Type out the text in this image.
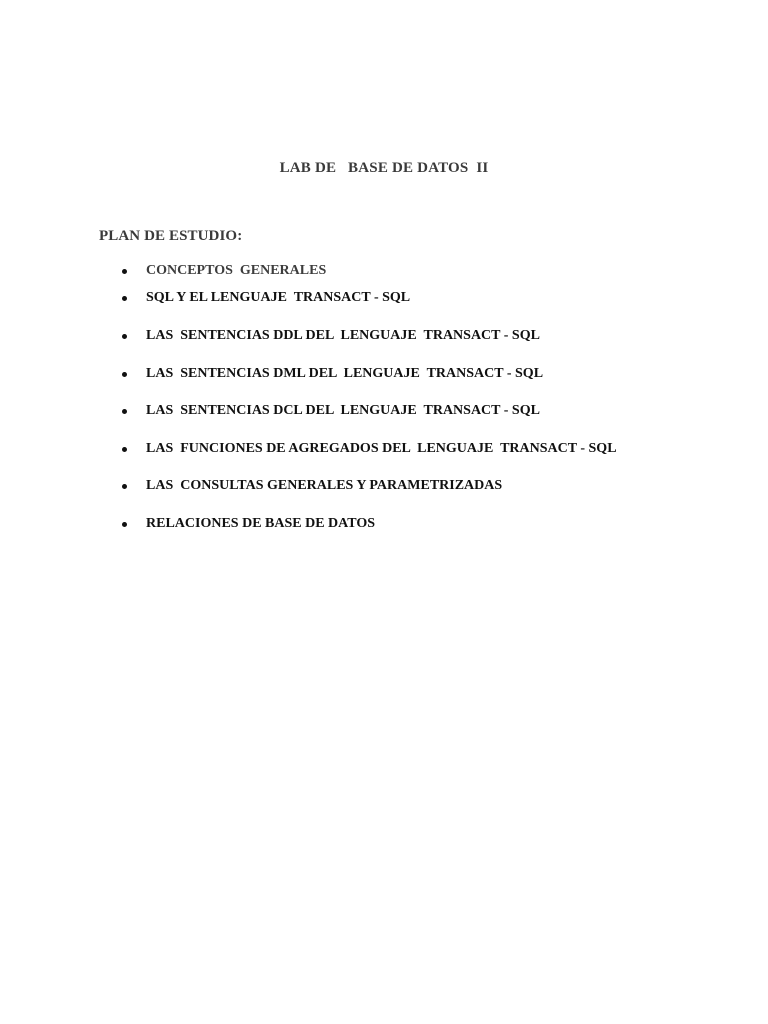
LAB DE   BASE DE DATOS  II
PLAN DE ESTUDIO:

CONCEPTOS  GENERALES

SQL Y EL LENGUAJE  TRANSACT - SQL

LAS  SENTENCIAS DDL DEL  LENGUAJE  TRANSACT - SQL

LAS  SENTENCIAS DML DEL  LENGUAJE  TRANSACT - SQL

LAS  SENTENCIAS DCL DEL  LENGUAJE  TRANSACT - SQL

LAS  FUNCIONES DE AGREGADOS DEL  LENGUAJE  TRANSACT - SQL

LAS  CONSULTAS GENERALES Y PARAMETRIZADAS

RELACIONES DE BASE DE DATOS
